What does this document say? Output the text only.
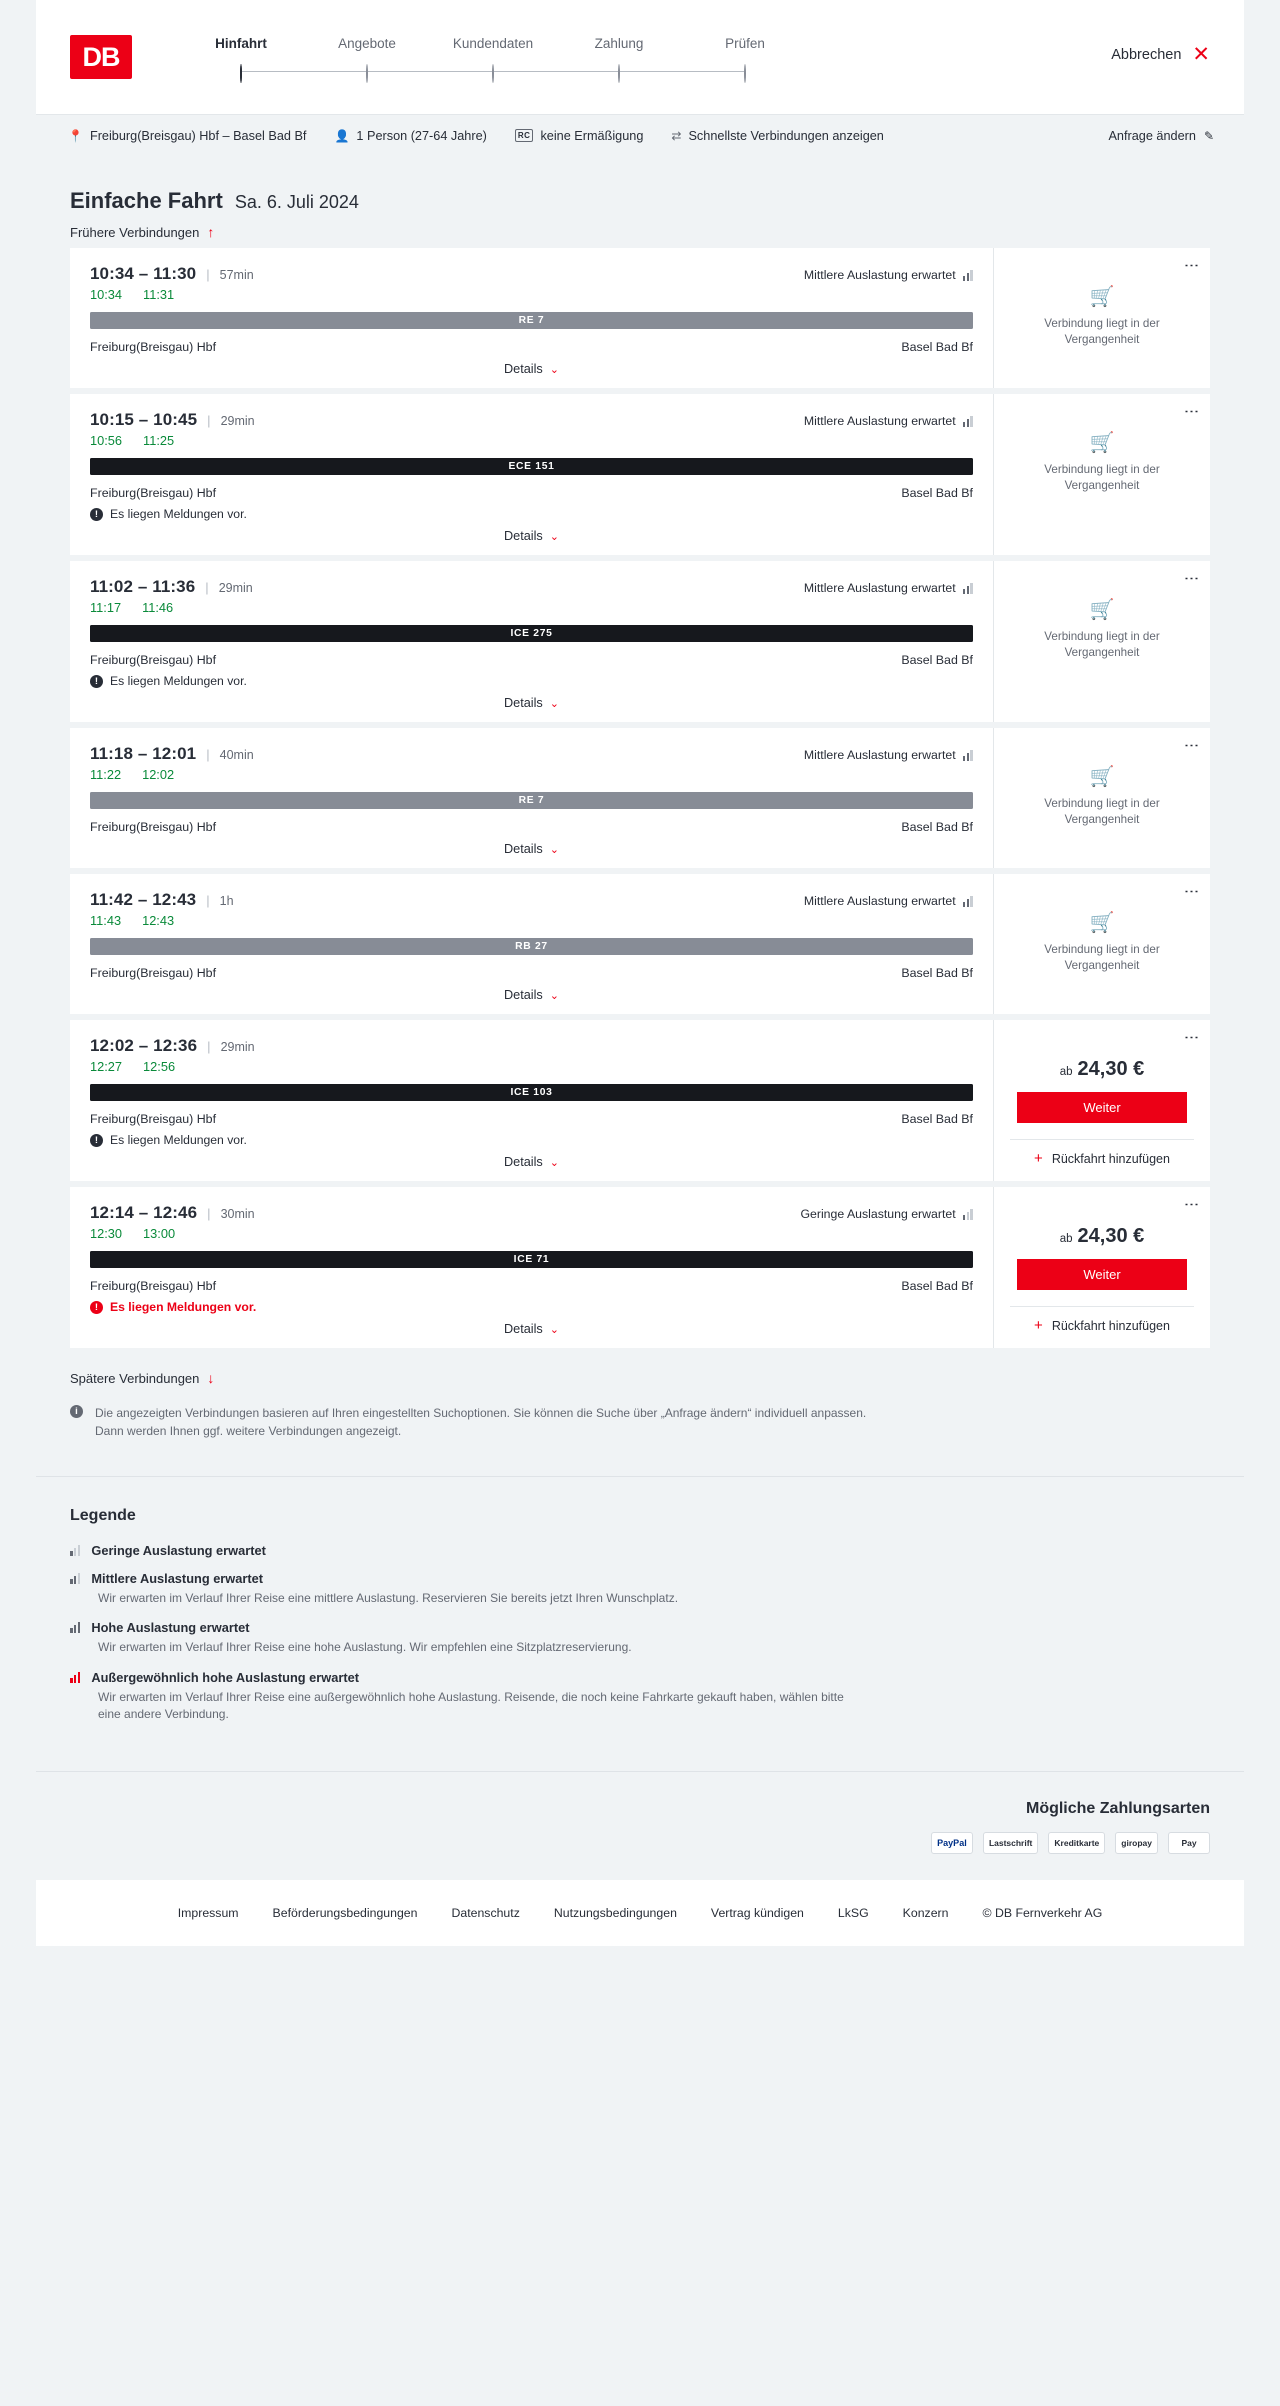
DB	Hinfahrt	Angebote	Kundendaten	Zahlung	Prüfen
Abbrechen ✕
📍 Freiburg(Breisgau) Hbf – Basel Bad Bf 👤 1 Person (27-64 Jahre)	RC keine Ermäßigung ⇄ Schnellste Verbindungen anzeigen	Anfrage ändern ✎
Einfache Fahrt Sa. 6. Juli 2024
Frühere Verbindungen ↑
10:34 – 11:30 | 57min	Mittlere Auslastung erwartet
10:34 11:31
RE 7
Freiburg(Breisgau) Hbf	Basel Bad Bf
Details ⌄
⋮
🛒
Verbindung liegt in der Vergangenheit
10:15 – 10:45 | 29min	Mittlere Auslastung erwartet
10:56 11:25
ECE 151
Freiburg(Breisgau) Hbf	Basel Bad Bf
! Es liegen Meldungen vor.
Details ⌄
⋮
🛒
Verbindung liegt in der Vergangenheit
11:02 – 11:36 | 29min	Mittlere Auslastung erwartet
11:17 11:46
ICE 275
Freiburg(Breisgau) Hbf	Basel Bad Bf
! Es liegen Meldungen vor.
Details ⌄
⋮
🛒
Verbindung liegt in der Vergangenheit
11:18 – 12:01 | 40min	Mittlere Auslastung erwartet
11:22 12:02
RE 7
Freiburg(Breisgau) Hbf	Basel Bad Bf
Details ⌄
⋮
🛒
Verbindung liegt in der Vergangenheit
11:42 – 12:43 | 1h	Mittlere Auslastung erwartet
11:43 12:43
RB 27
Freiburg(Breisgau) Hbf	Basel Bad Bf
Details ⌄
⋮
🛒
Verbindung liegt in der Vergangenheit
12:02 – 12:36 | 29min
12:27 12:56
ICE 103
Freiburg(Breisgau) Hbf	Basel Bad Bf
! Es liegen Meldungen vor.
Details ⌄
⋮
ab 24,30 €
Weiter
+ Rückfahrt hinzufügen
12:14 – 12:46 | 30min	Geringe Auslastung erwartet
12:30 13:00
ICE 71
Freiburg(Breisgau) Hbf	Basel Bad Bf
! Es liegen Meldungen vor.
Details ⌄
⋮
ab 24,30 €
Weiter
+ Rückfahrt hinzufügen
Spätere Verbindungen ↓
i	Die angezeigten Verbindungen basieren auf Ihren eingestellten Suchoptionen. Sie können die Suche über „Anfrage ändern“ individuell anpassen. Dann werden Ihnen ggf. weitere Verbindungen angezeigt.
Legende
Geringe Auslastung erwartet
Mittlere Auslastung erwartet
Wir erwarten im Verlauf Ihrer Reise eine mittlere Auslastung. Reservieren Sie bereits jetzt Ihren Wunschplatz.
Hohe Auslastung erwartet
Wir erwarten im Verlauf Ihrer Reise eine hohe Auslastung. Wir empfehlen eine Sitzplatzreservierung.
Außergewöhnlich hohe Auslastung erwartet
Wir erwarten im Verlauf Ihrer Reise eine außergewöhnlich hohe Auslastung. Reisende, die noch keine Fahrkarte gekauft haben, wählen bitte eine andere Verbindung.
Mögliche Zahlungsarten
PayPal	Lastschrift	Kreditkarte	giropay	Pay
Impressum	Beförderungsbedingungen	Datenschutz	Nutzungsbedingungen	Vertrag kündigen	LkSG	Konzern	© DB Fernverkehr AG
